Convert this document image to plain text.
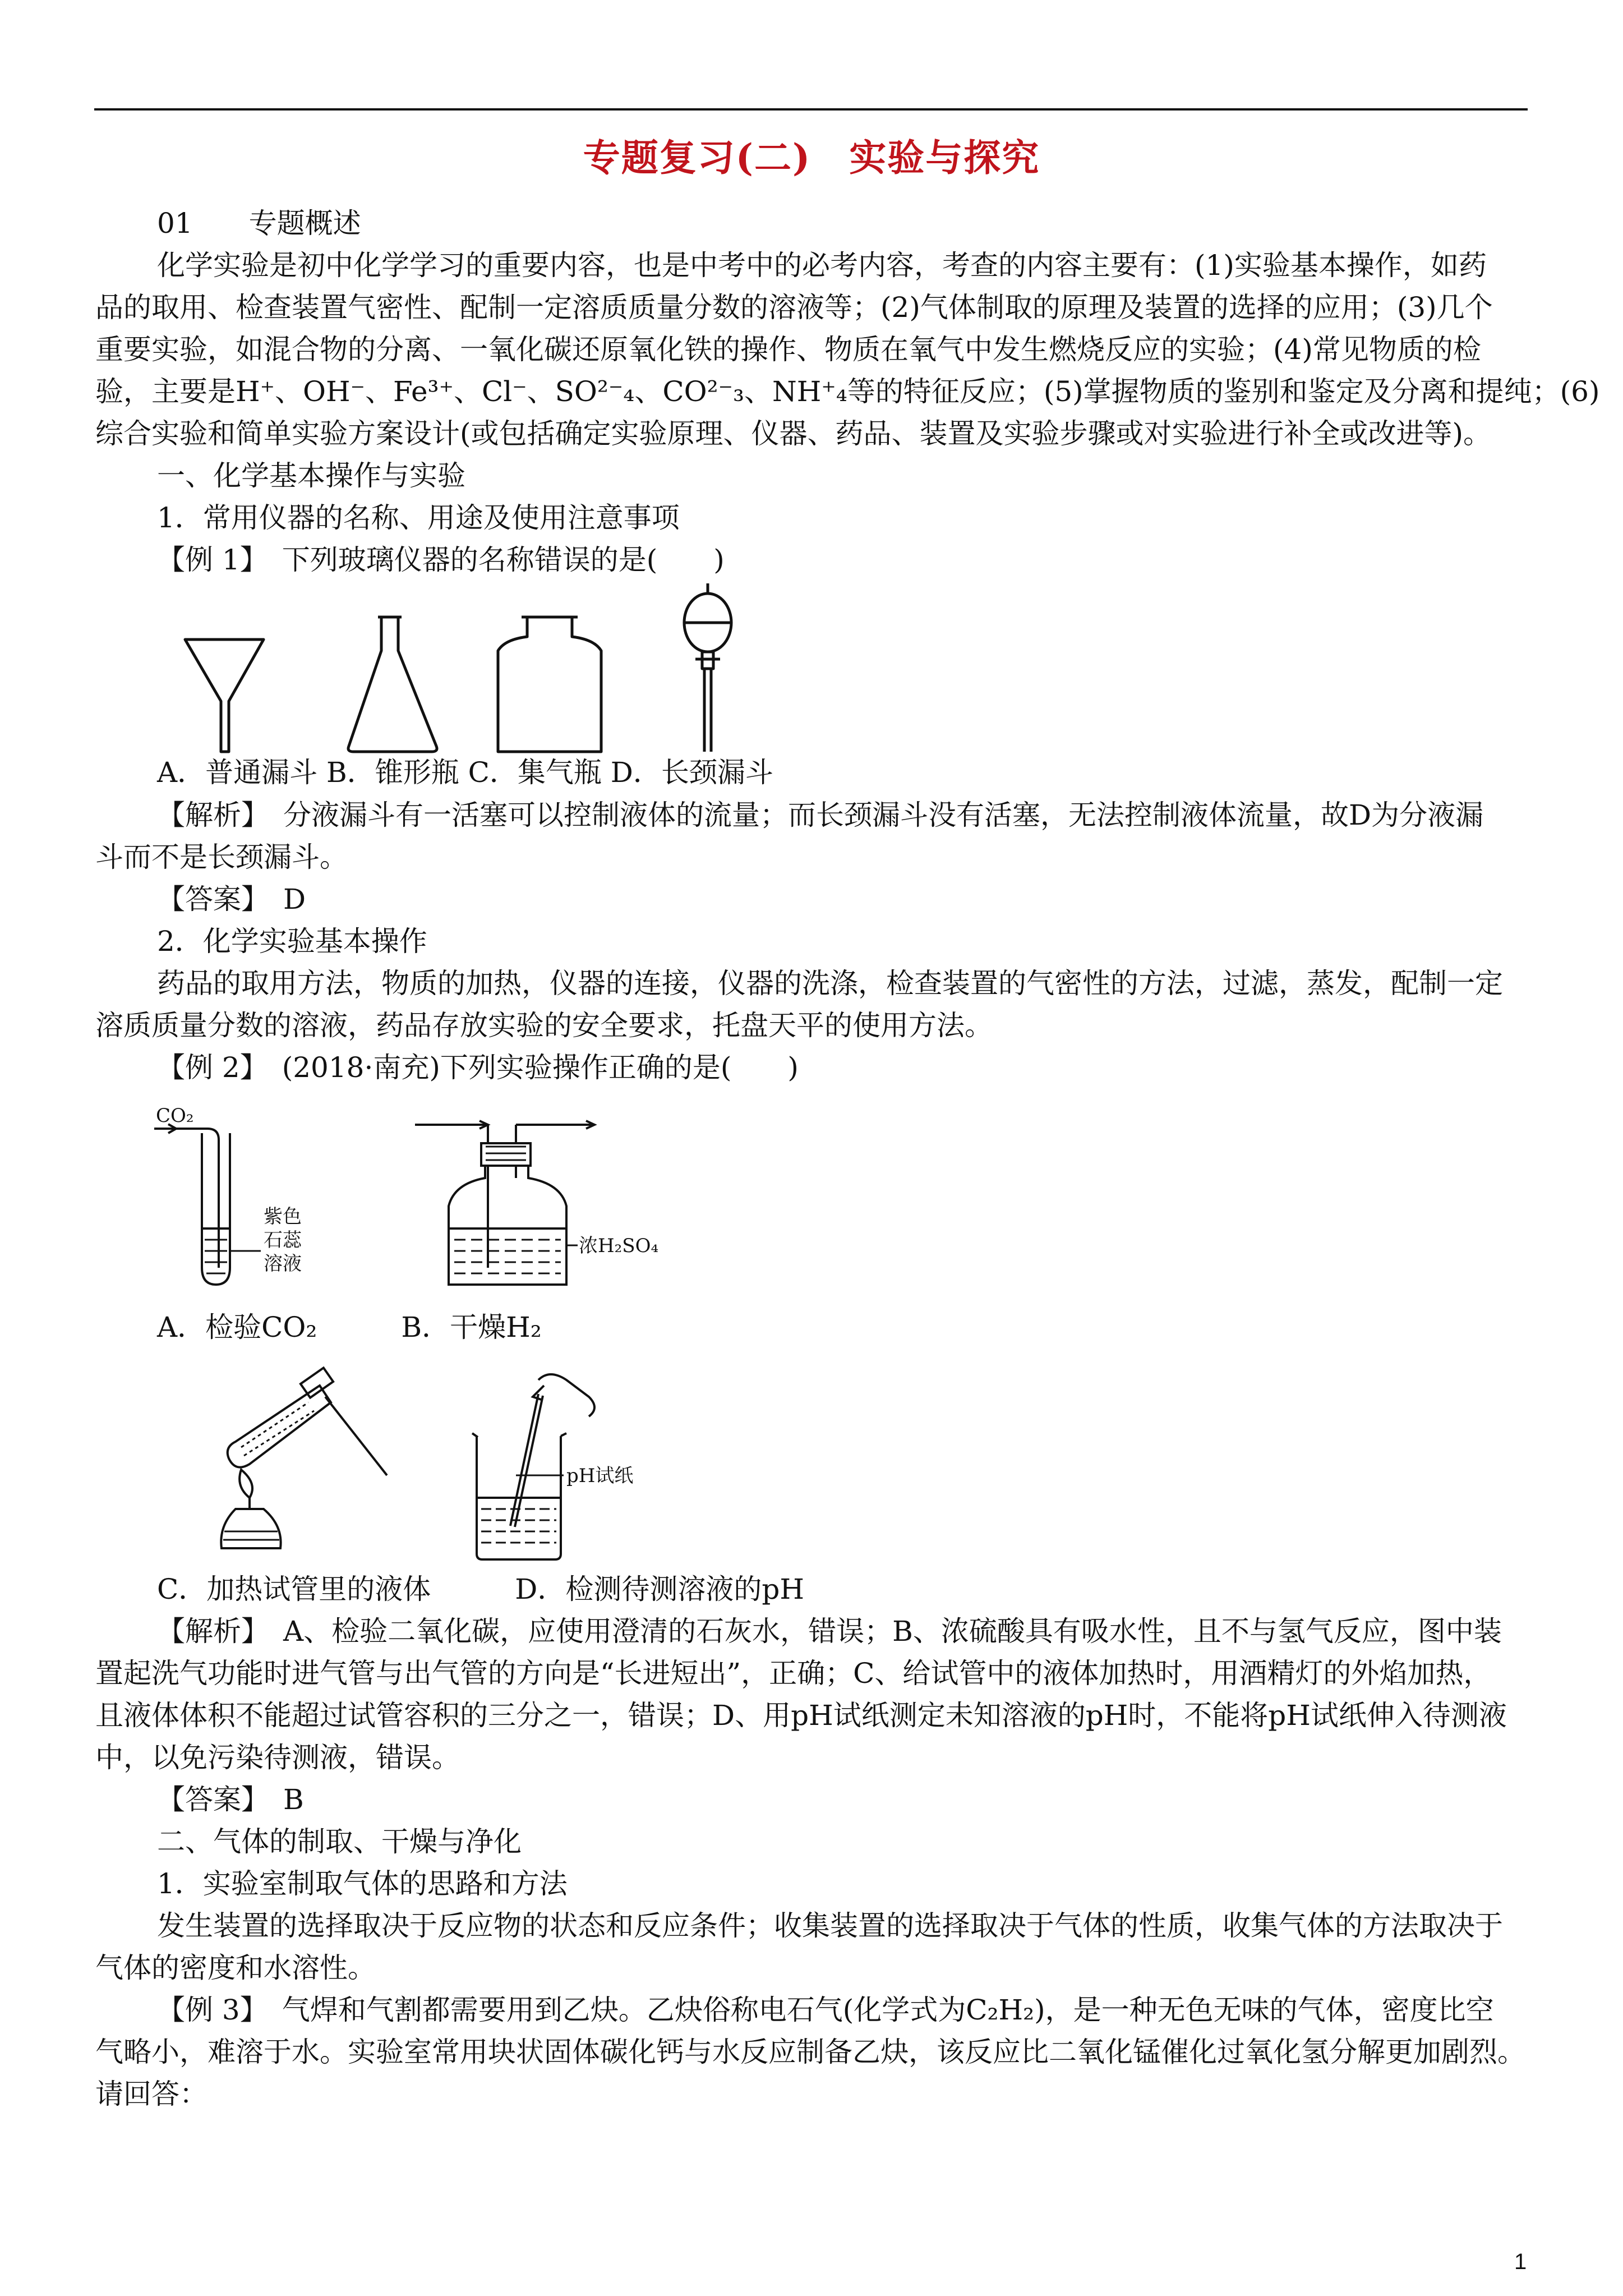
专题复习(二)　实验与探究
01　　专题概述
化学实验是初中化学学习的重要内容，也是中考中的必考内容，考查的内容主要有：(1)实验基本操作，如药
品的取用、检查装置气密性、配制一定溶质质量分数的溶液等；(2)气体制取的原理及装置的选择的应用；(3)几个
重要实验，如混合物的分离、一氧化碳还原氧化铁的操作、物质在氧气中发生燃烧反应的实验；(4)常见物质的检
验，主要是H⁺、OH⁻、Fe³⁺、Cl⁻、SO²⁻₄、CO²⁻₃、NH⁺₄等的特征反应；(5)掌握物质的鉴别和鉴定及分离和提纯；(6)
综合实验和简单实验方案设计(或包括确定实验原理、仪器、药品、装置及实验步骤或对实验进行补全或改进等)。
一、化学基本操作与实验
1．常用仪器的名称、用途及使用注意事项
【例 1】　下列玻璃仪器的名称错误的是(　　)
A．普通漏斗 B．锥形瓶 C．集气瓶 D．长颈漏斗
【解析】　分液漏斗有一活塞可以控制液体的流量；而长颈漏斗没有活塞，无法控制液体流量，故D为分液漏
斗而不是长颈漏斗。
【答案】　D
2．化学实验基本操作
药品的取用方法，物质的加热，仪器的连接，仪器的洗涤，检查装置的气密性的方法，过滤，蒸发，配制一定
溶质质量分数的溶液，药品存放实验的安全要求，托盘天平的使用方法。
【例 2】　(2018·南充)下列实验操作正确的是(　　)
CO₂
紫色
石蕊
溶液
浓H₂SO₄
A．检验CO₂　　　B．干燥H₂
pH试纸
C．加热试管里的液体　　　D．检测待测溶液的pH
【解析】　A、检验二氧化碳，应使用澄清的石灰水，错误；B、浓硫酸具有吸水性，且不与氢气反应，图中装
置起洗气功能时进气管与出气管的方向是“长进短出”，正确；C、给试管中的液体加热时，用酒精灯的外焰加热，
且液体体积不能超过试管容积的三分之一，错误；D、用pH试纸测定未知溶液的pH时，不能将pH试纸伸入待测液
中，以免污染待测液，错误。
【答案】　B
二、气体的制取、干燥与净化
1．实验室制取气体的思路和方法
发生装置的选择取决于反应物的状态和反应条件；收集装置的选择取决于气体的性质，收集气体的方法取决于
气体的密度和水溶性。
【例 3】　气焊和气割都需要用到乙炔。乙炔俗称电石气(化学式为C₂H₂)，是一种无色无味的气体，密度比空
气略小，难溶于水。实验室常用块状固体碳化钙与水反应制备乙炔，该反应比二氧化锰催化过氧化氢分解更加剧烈。
请回答：
1
